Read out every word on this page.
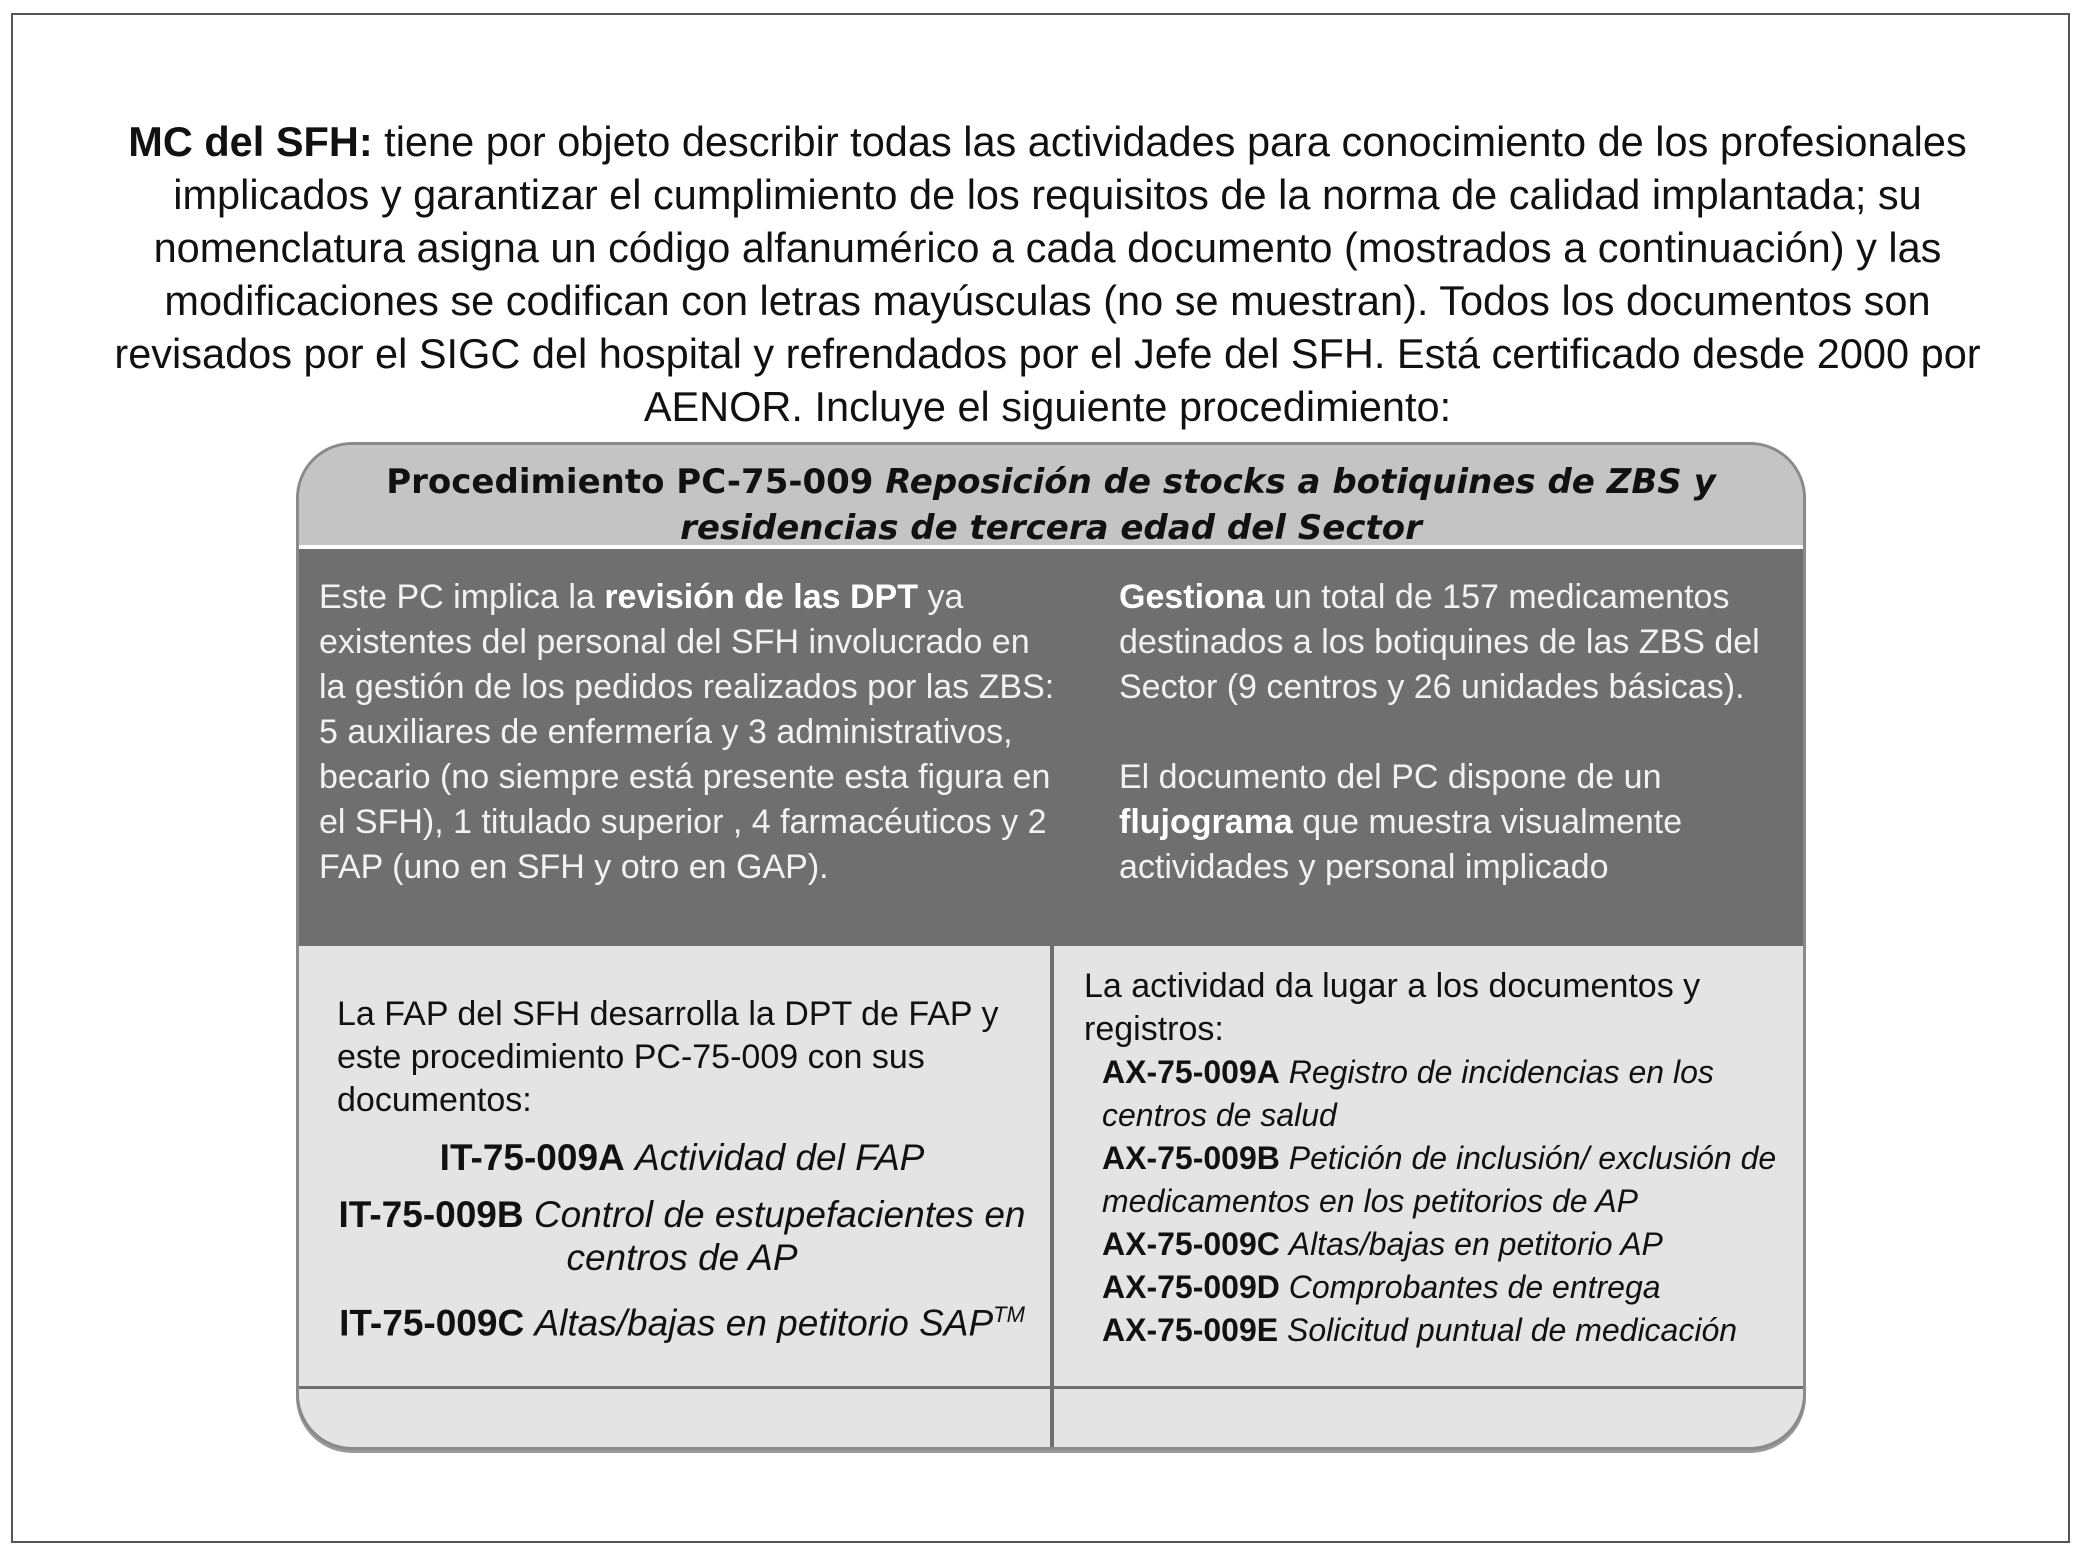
MC del SFH: tiene por objeto describir todas las actividades para conocimiento de los profesionales implicados y garantizar el cumplimiento de los requisitos de la norma de calidad implantada; su nomenclatura asigna un código alfanumérico a cada documento (mostrados a continuación) y las modificaciones se codifican con letras mayúsculas (no se muestran). Todos los documentos son revisados por el SIGC del hospital y refrendados por el Jefe del SFH. Está certificado desde 2000 por AENOR. Incluye el siguiente procedimiento:
Procedimiento PC-75-009 Reposición de stocks a botiquines de ZBS y residencias de tercera edad del Sector
Este PC implica la revisión de las DPT ya existentes del personal del SFH involucrado en la gestión de los pedidos realizados por las ZBS: 5 auxiliares de enfermería y 3 administrativos, becario (no siempre está presente esta figura en el SFH), 1 titulado superior , 4 farmacéuticos y 2 FAP (uno en SFH y otro en GAP).
Gestiona un total de 157 medicamentos destinados a los botiquines de las ZBS del Sector (9 centros y 26 unidades básicas).
El documento del PC dispone de un flujograma que muestra visualmente actividades y personal implicado
La FAP del SFH desarrolla la DPT de FAP y este procedimiento PC-75-009 con sus documentos:
IT-75-009A Actividad del FAP
IT-75-009B Control de estupefacientes en centros de AP
IT-75-009C Altas/bajas en petitorio SAP™
La actividad da lugar a los documentos y registros:
AX-75-009A Registro de incidencias en los centros de salud
AX-75-009B Petición de inclusión/ exclusión de medicamentos en los petitorios de AP
AX-75-009C Altas/bajas en petitorio AP
AX-75-009D Comprobantes de entrega
AX-75-009E Solicitud puntual de medicación
